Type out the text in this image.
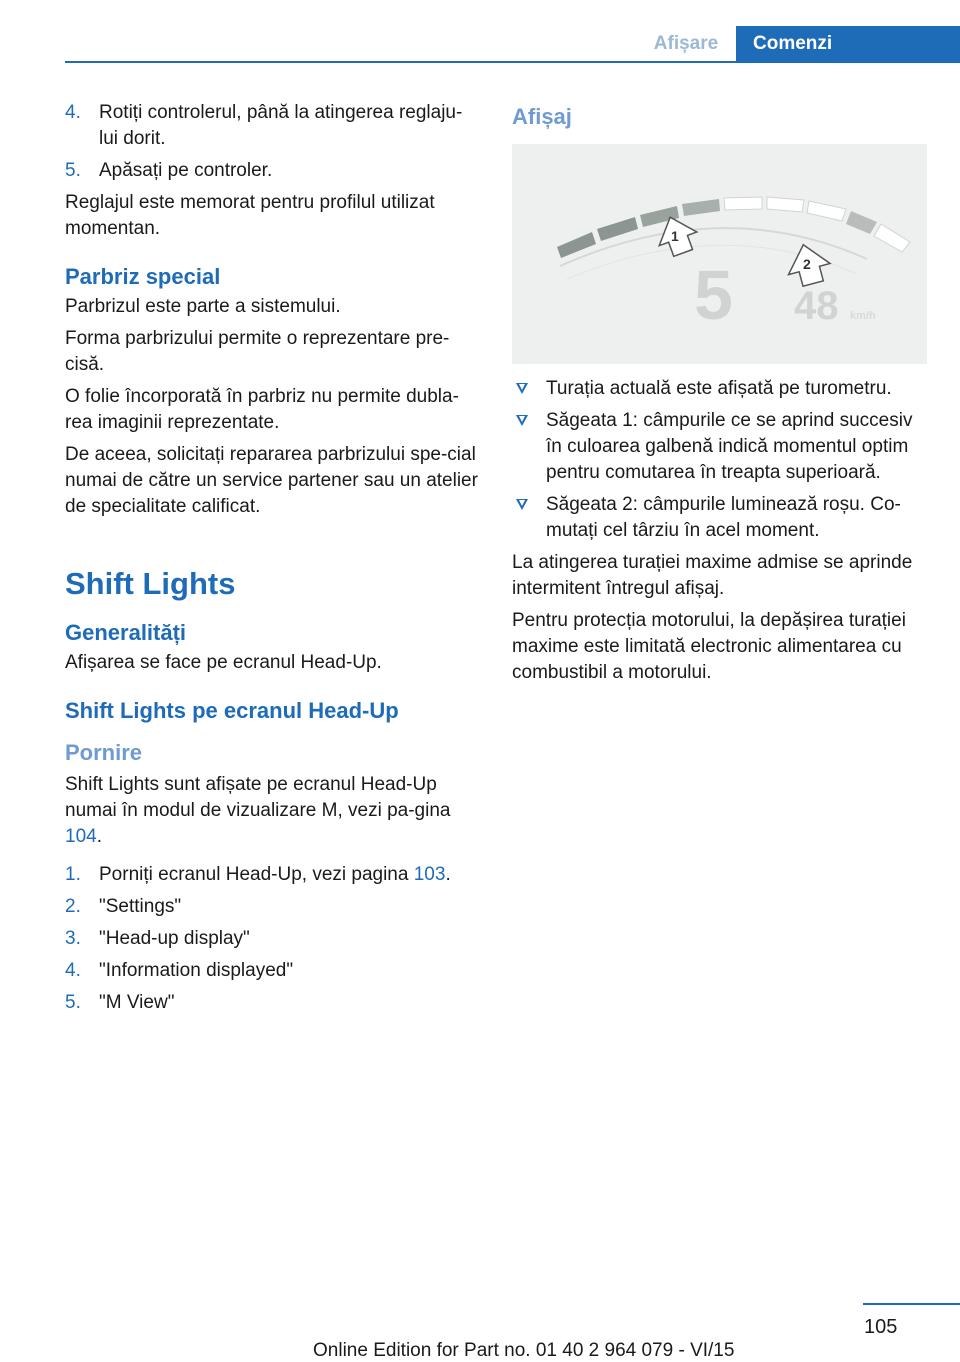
Afișare	Comenzi
4. Rotiți controlerul, până la atingerea reglaju‐lui dorit.
5. Apăsați pe controler.

Reglajul este memorat pentru profilul utilizat momentan.

Parbriz special

Parbrizul este parte a sistemului.

Forma parbrizului permite o reprezentare pre‐cisă.

O folie încorporată în parbriz nu permite dubla‐rea imaginii reprezentate.

De aceea, solicitați repararea parbrizului spe‐cial numai de către un service partener sau un atelier de specialitate calificat.

Shift Lights
Generalități

Afișarea se face pe ecranul Head-Up.

Shift Lights pe ecranul Head-Up
Pornire

Shift Lights sunt afișate pe ecranul Head-Up numai în modul de vizualizare M, vezi pa‐gina 104.

1. Porniți ecranul Head-Up, vezi pagina 103.
2. "Settings"
3. "Head-up display"
4. "Information displayed"
5. "M View"
Afișaj
1
2
5 48 km/h
Turația actuală este afișată pe turometru.
Săgeata 1: câmpurile ce se aprind succesiv în culoarea galbenă indică momentul optim pentru comutarea în treapta superioară.
Săgeata 2: câmpurile luminează roșu. Co‐mutați cel târziu în acel moment.

La atingerea turației maxime admise se aprinde intermitent întregul afișaj.

Pentru protecția motorului, la depășirea turației maxime este limitată electronic alimentarea cu combustibil a motorului.

105
Online Edition for Part no. 01 40 2 964 079 - VI/15
